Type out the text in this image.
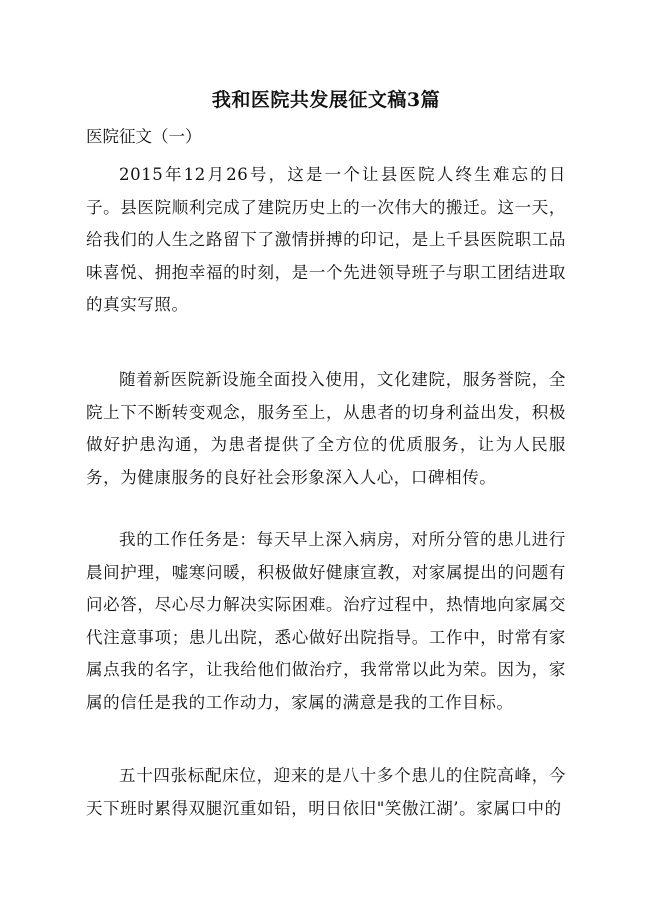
我和医院共发展征文稿3篇
医院征文（一）

2015年12月26号，这是一个让县医院人终生难忘的日子。县医院顺利完成了建院历史上的一次伟大的搬迁。这一天，给我们的人生之路留下了激情拼搏的印记，是上千县医院职工品味喜悦、拥抱幸福的时刻，是一个先进领导班子与职工团结进取的真实写照。

随着新医院新设施全面投入使用，文化建院，服务誉院，全院上下不断转变观念，服务至上，从患者的切身利益出发，积极做好护患沟通，为患者提供了全方位的优质服务，让为人民服务，为健康服务的良好社会形象深入人心，口碑相传。

我的工作任务是：每天早上深入病房，对所分管的患儿进行晨间护理，嘘寒问暖，积极做好健康宣教，对家属提出的问题有问必答，尽心尽力解决实际困难。治疗过程中，热情地向家属交代注意事项；患儿出院，悉心做好出院指导。工作中，时常有家属点我的名字，让我给他们做治疗，我常常以此为荣。因为，家属的信任是我的工作动力，家属的满意是我的工作目标。

五十四张标配床位，迎来的是八十多个患儿的住院高峰，今天下班时累得双腿沉重如铅，明日依旧"笑傲江湖’。家属口中的
